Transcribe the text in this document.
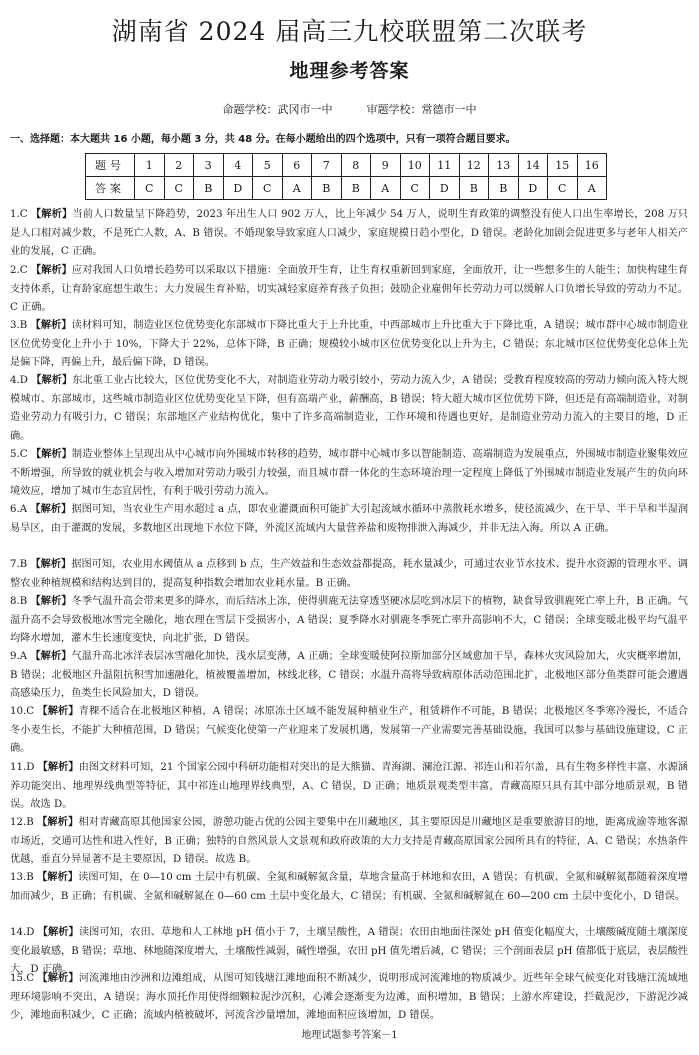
湖南省 2024 届高三九校联盟第二次联考
地理参考答案
命题学校：武冈市一中	审题学校：常德市一中
一、选择题：本大题共 16 小题，每小题 3 分，共 48 分。在每小题给出的四个选项中，只有一项符合题目要求。
题号	1	2	3	4	5	6	7	8	9	10	11	12	13	14	15	16
答案	C	C	B	D	C	A	B	B	A	C	D	B	B	D	C	A
1.C 【解析】当前人口数量呈下降趋势，2023 年出生人口 902 万人，比上年减少 54 万人，说明生育政策的调整没有使人口出生率增长，208 万只是人口相对减少数，不是死亡人数，A、B 错误。不婚现象导致家庭人口减少，家庭规模日趋小型化，D 错误。老龄化加剧会促进更多与老年人相关产业的发展，C 正确。
2.C 【解析】应对我国人口负增长趋势可以采取以下措施：全面放开生育，让生育权重新回到家庭，全面放开，让一些想多生的人能生；加快构建生育支持体系，让育龄家庭想生敢生；大力发展生育补贴，切实减轻家庭养育孩子负担；鼓励企业雇佣年长劳动力可以缓解人口负增长导致的劳动力不足。C 正确。
3.B 【解析】读材料可知，制造业区位优势变化东部城市下降比重大于上升比重，中西部城市上升比重大于下降比重，A 错误；城市群中心城市制造业区位优势变化上升小于 10%，下降大于 22%，总体下降，B 正确；规模较小城市区位优势变化以上升为主，C 错误；东北城市区位优势变化总体上先是偏下降，再偏上升，最后偏下降，D 错误。
4.D 【解析】东北重工业占比较大，区位优势变化不大，对制造业劳动力吸引较小，劳动力流入少，A 错误；受教育程度较高的劳动力倾向流入特大规模城市、东部城市，这些城市制造业区位优势变化呈下降，但有高端产业，薪酬高，B 错误；特大超大城市区位优势下降，但还是有高端制造业，对制造业劳动力有吸引力，C 错误；东部地区产业结构优化，集中了许多高端制造业，工作环境和待遇也更好，是制造业劳动力流入的主要目的地，D 正确。
5.C 【解析】制造业整体上呈现出从中心城市向外围城市转移的趋势，城市群中心城市多以智能制造、高端制造为发展重点，外围城市制造业聚集效应不断增强，所导致的就业机会与收入增加对劳动力吸引力较强，而且城市群一体化的生态环境治理一定程度上降低了外围城市制造业发展产生的负向环境效应，增加了城市生态宜居性，有利于吸引劳动力流入。
6.A 【解析】据图可知，当农业生产用水超过 a 点，即农业灌溉面积可能扩大引起流域水循环中蒸散耗水增多，使径流减少，在干旱、半干旱和半湿润易旱区，由于灌溉的发展，多数地区出现地下水位下降，外流区流域内大量营养盐和废物排泄入海减少，并非无法入海。所以 A 正确。
7.B 【解析】据图可知，农业用水阈值从 a 点移到 b 点，生产效益和生态效益都提高，耗水量减少，可通过农业节水技术、提升水资源的管理水平、调整农业种植规模和结构达到目的，提高复种指数会增加农业耗水量。B 正确。
8.B 【解析】冬季气温升高会带来更多的降水，而后结冰上冻，使得驯鹿无法穿透坚硬冰层吃到冰层下的植物，缺食导致驯鹿死亡率上升，B 正确。气温升高不会导致极地冰雪完全融化，地衣理在雪层下受损害小，A 错误；夏季降水对驯鹿冬季死亡率升高影响不大，C 错误；全球变暖北极平均气温平均降水增加，灌木生长速度变快，向北扩张，D 错误。
9.A 【解析】气温升高北冰洋表层冰雪融化加快，浅水层变薄，A 正确；全球变暖使阿拉斯加部分区域愈加干旱，森林火灾风险加大，火灾概率增加，B 错误；北极地区升温阻抗积雪加速融化，植被覆盖增加，林线北移，C 错误；水温升高将导致病原体活动范围北扩，北极地区部分鱼类群可能会遭遇高感染压力，鱼类生长风险加大，D 错误。
10.C 【解析】青稞不适合在北极地区种植，A 错误；冰原冻土区域不能发展种植业生产，租赁耕作不可能，B 错误；北极地区冬季寒冷漫长，不适合冬小麦生长，不能扩大种植范围，D 错误；气候变化使第一产业迎来了发展机遇，发展第一产业需要完善基础设施，我国可以参与基础设施建设，C 正确。
11.D 【解析】由图文材料可知，21 个国家公园中科研功能相对突出的是大熊猫、青海湖、澜沧江源、祁连山和若尔盖，具有生物多样性丰富、水源涵养功能突出、地理界线典型等特征，其中祁连山地理界线典型，A、C 错误，D 正确；地质景观类型丰富，青藏高原只具有其中部分地质景观，B 错误。故选 D。
12.B 【解析】相对青藏高原其他国家公园，游憩功能占优的公园主要集中在川藏地区，其主要原因是川藏地区是重要旅游目的地，距离成渝等地客源市场近，交通可达性和进入性好，B 正确；独特的自然风景人文景观和政府政策的大力支持是青藏高原国家公园所具有的特征，A、C 错误；水热条件优越，垂直分异显著不是主要原因，D 错误。故选 B。
13.B 【解析】读图可知，在 0—10 cm 土层中有机碳、全氮和碱解氮含量，草地含量高于林地和农田，A 错误；有机碳、全氮和碱解氮都随着深度增加而减少，B 正确；有机碳、全氮和碱解氮在 0—60 cm 土层中变化最大，C 错误；有机碳、全氮和碱解氮在 60—200 cm 土层中变化小，D 错误。
14.D 【解析】读图可知，农田、草地和人工林地 pH 值小于 7，土壤呈酸性，A 错误；农田由地面往深处 pH 值变化幅度大，土壤酸碱度随土壤深度变化最敏感，B 错误；草地、林地随深度增大，土壤酸性减弱，碱性增强，农田 pH 值先增后减，C 错误；三个剖面表层 pH 值都低于底层，表层酸性大，D 正确。
15.C 【解析】河流滩地由沙洲和边滩组成，从图可知钱塘江滩地面积不断减少，说明形成河流滩地的物质减少。近些年全球气候变化对钱塘江流域地理环境影响不突出，A 错误；海水顶托作用使得细颗粒泥沙沉积，心滩会逐渐变为边滩，面积增加，B 错误；上游水库建设，拦截泥沙，下游泥沙减少，滩地面积减少，C 正确；流域内植被破坏，河流含沙量增加，滩地面积应该增加，D 错误。
地理试题参考答案－1
